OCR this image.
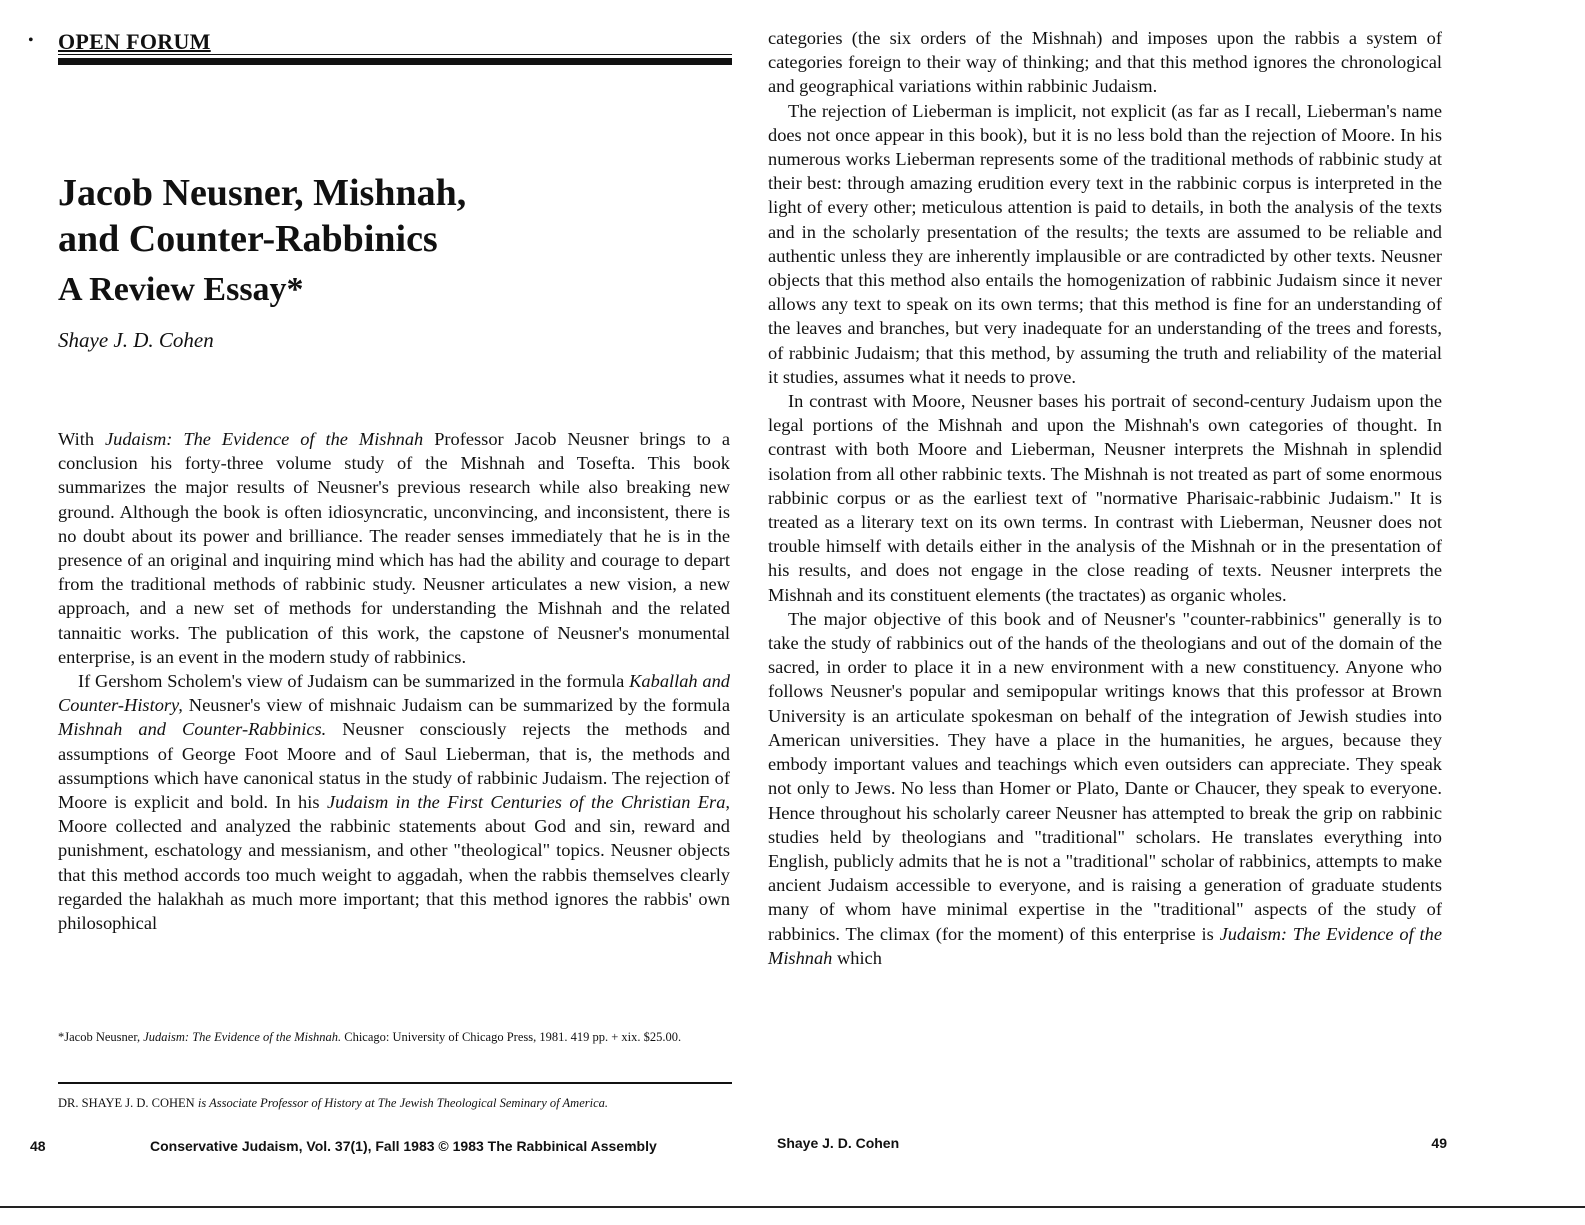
• OPEN FORUM
Jacob Neusner, Mishnah,
and Counter-Rabbinics
A Review Essay*

Shaye J. D. Cohen

With Judaism: The Evidence of the Mishnah Professor Jacob Neusner brings to a conclusion his forty-three volume study of the Mishnah and Tosefta. This book summarizes the major results of Neusner's previous research while also breaking new ground. Although the book is often idiosyncratic, unconvincing, and inconsistent, there is no doubt about its power and brilliance. The reader senses immediately that he is in the presence of an original and inquiring mind which has had the ability and courage to depart from the traditional methods of rabbinic study. Neusner articulates a new vision, a new approach, and a new set of methods for understanding the Mishnah and the related tannaitic works. The publication of this work, the capstone of Neusner's monumental enterprise, is an event in the modern study of rabbinics.

If Gershom Scholem's view of Judaism can be summarized in the formula Kaballah and Counter-History, Neusner's view of mishnaic Judaism can be summarized by the formula Mishnah and Counter-Rabbinics. Neusner consciously rejects the methods and assumptions of George Foot Moore and of Saul Lieberman, that is, the methods and assumptions which have canonical status in the study of rabbinic Judaism. The rejection of Moore is explicit and bold. In his Judaism in the First Centuries of the Christian Era, Moore collected and analyzed the rabbinic statements about God and sin, reward and punishment, eschatology and messianism, and other "theological" topics. Neusner objects that this method accords too much weight to aggadah, when the rabbis themselves clearly regarded the halakhah as much more important; that this method ignores the rabbis' own philosophical

*Jacob Neusner, Judaism: The Evidence of the Mishnah. Chicago: University of Chicago Press, 1981. 419 pp. + xix. $25.00.
DR. SHAYE J. D. COHEN is Associate Professor of History at The Jewish Theological Seminary of America.
48	Conservative Judaism, Vol. 37(1), Fall 1983 © 1983 The Rabbinical Assembly

categories (the six orders of the Mishnah) and imposes upon the rabbis a system of categories foreign to their way of thinking; and that this method ignores the chronological and geographical variations within rabbinic Judaism.

The rejection of Lieberman is implicit, not explicit (as far as I recall, Lieberman's name does not once appear in this book), but it is no less bold than the rejection of Moore. In his numerous works Lieberman represents some of the traditional methods of rabbinic study at their best: through amazing erudition every text in the rabbinic corpus is interpreted in the light of every other; meticulous attention is paid to details, in both the analysis of the texts and in the scholarly presentation of the results; the texts are assumed to be reliable and authentic unless they are inherently implausible or are contradicted by other texts. Neusner objects that this method also entails the homogenization of rabbinic Judaism since it never allows any text to speak on its own terms; that this method is fine for an understanding of the leaves and branches, but very inadequate for an understanding of the trees and forests, of rabbinic Judaism; that this method, by assuming the truth and reliability of the material it studies, assumes what it needs to prove.

In contrast with Moore, Neusner bases his portrait of second-century Judaism upon the legal portions of the Mishnah and upon the Mishnah's own categories of thought. In contrast with both Moore and Lieberman, Neusner interprets the Mishnah in splendid isolation from all other rabbinic texts. The Mishnah is not treated as part of some enormous rabbinic corpus or as the earliest text of "normative Pharisaic-rabbinic Judaism." It is treated as a literary text on its own terms. In contrast with Lieberman, Neusner does not trouble himself with details either in the analysis of the Mishnah or in the presentation of his results, and does not engage in the close reading of texts. Neusner interprets the Mishnah and its constituent elements (the tractates) as organic wholes.

The major objective of this book and of Neusner's "counter-rabbinics" generally is to take the study of rabbinics out of the hands of the theologians and out of the domain of the sacred, in order to place it in a new environment with a new constituency. Anyone who follows Neusner's popular and semipopular writings knows that this professor at Brown University is an articulate spokesman on behalf of the integration of Jewish studies into American universities. They have a place in the humanities, he argues, because they embody important values and teachings which even outsiders can appreciate. They speak not only to Jews. No less than Homer or Plato, Dante or Chaucer, they speak to everyone. Hence throughout his scholarly career Neusner has attempted to break the grip on rabbinic studies held by theologians and "traditional" scholars. He translates everything into English, publicly admits that he is not a "traditional" scholar of rabbinics, attempts to make ancient Judaism accessible to everyone, and is raising a generation of graduate students many of whom have minimal expertise in the "traditional" aspects of the study of rabbinics. The climax (for the moment) of this enterprise is Judaism: The Evidence of the Mishnah which

Shaye J. D. Cohen	49
